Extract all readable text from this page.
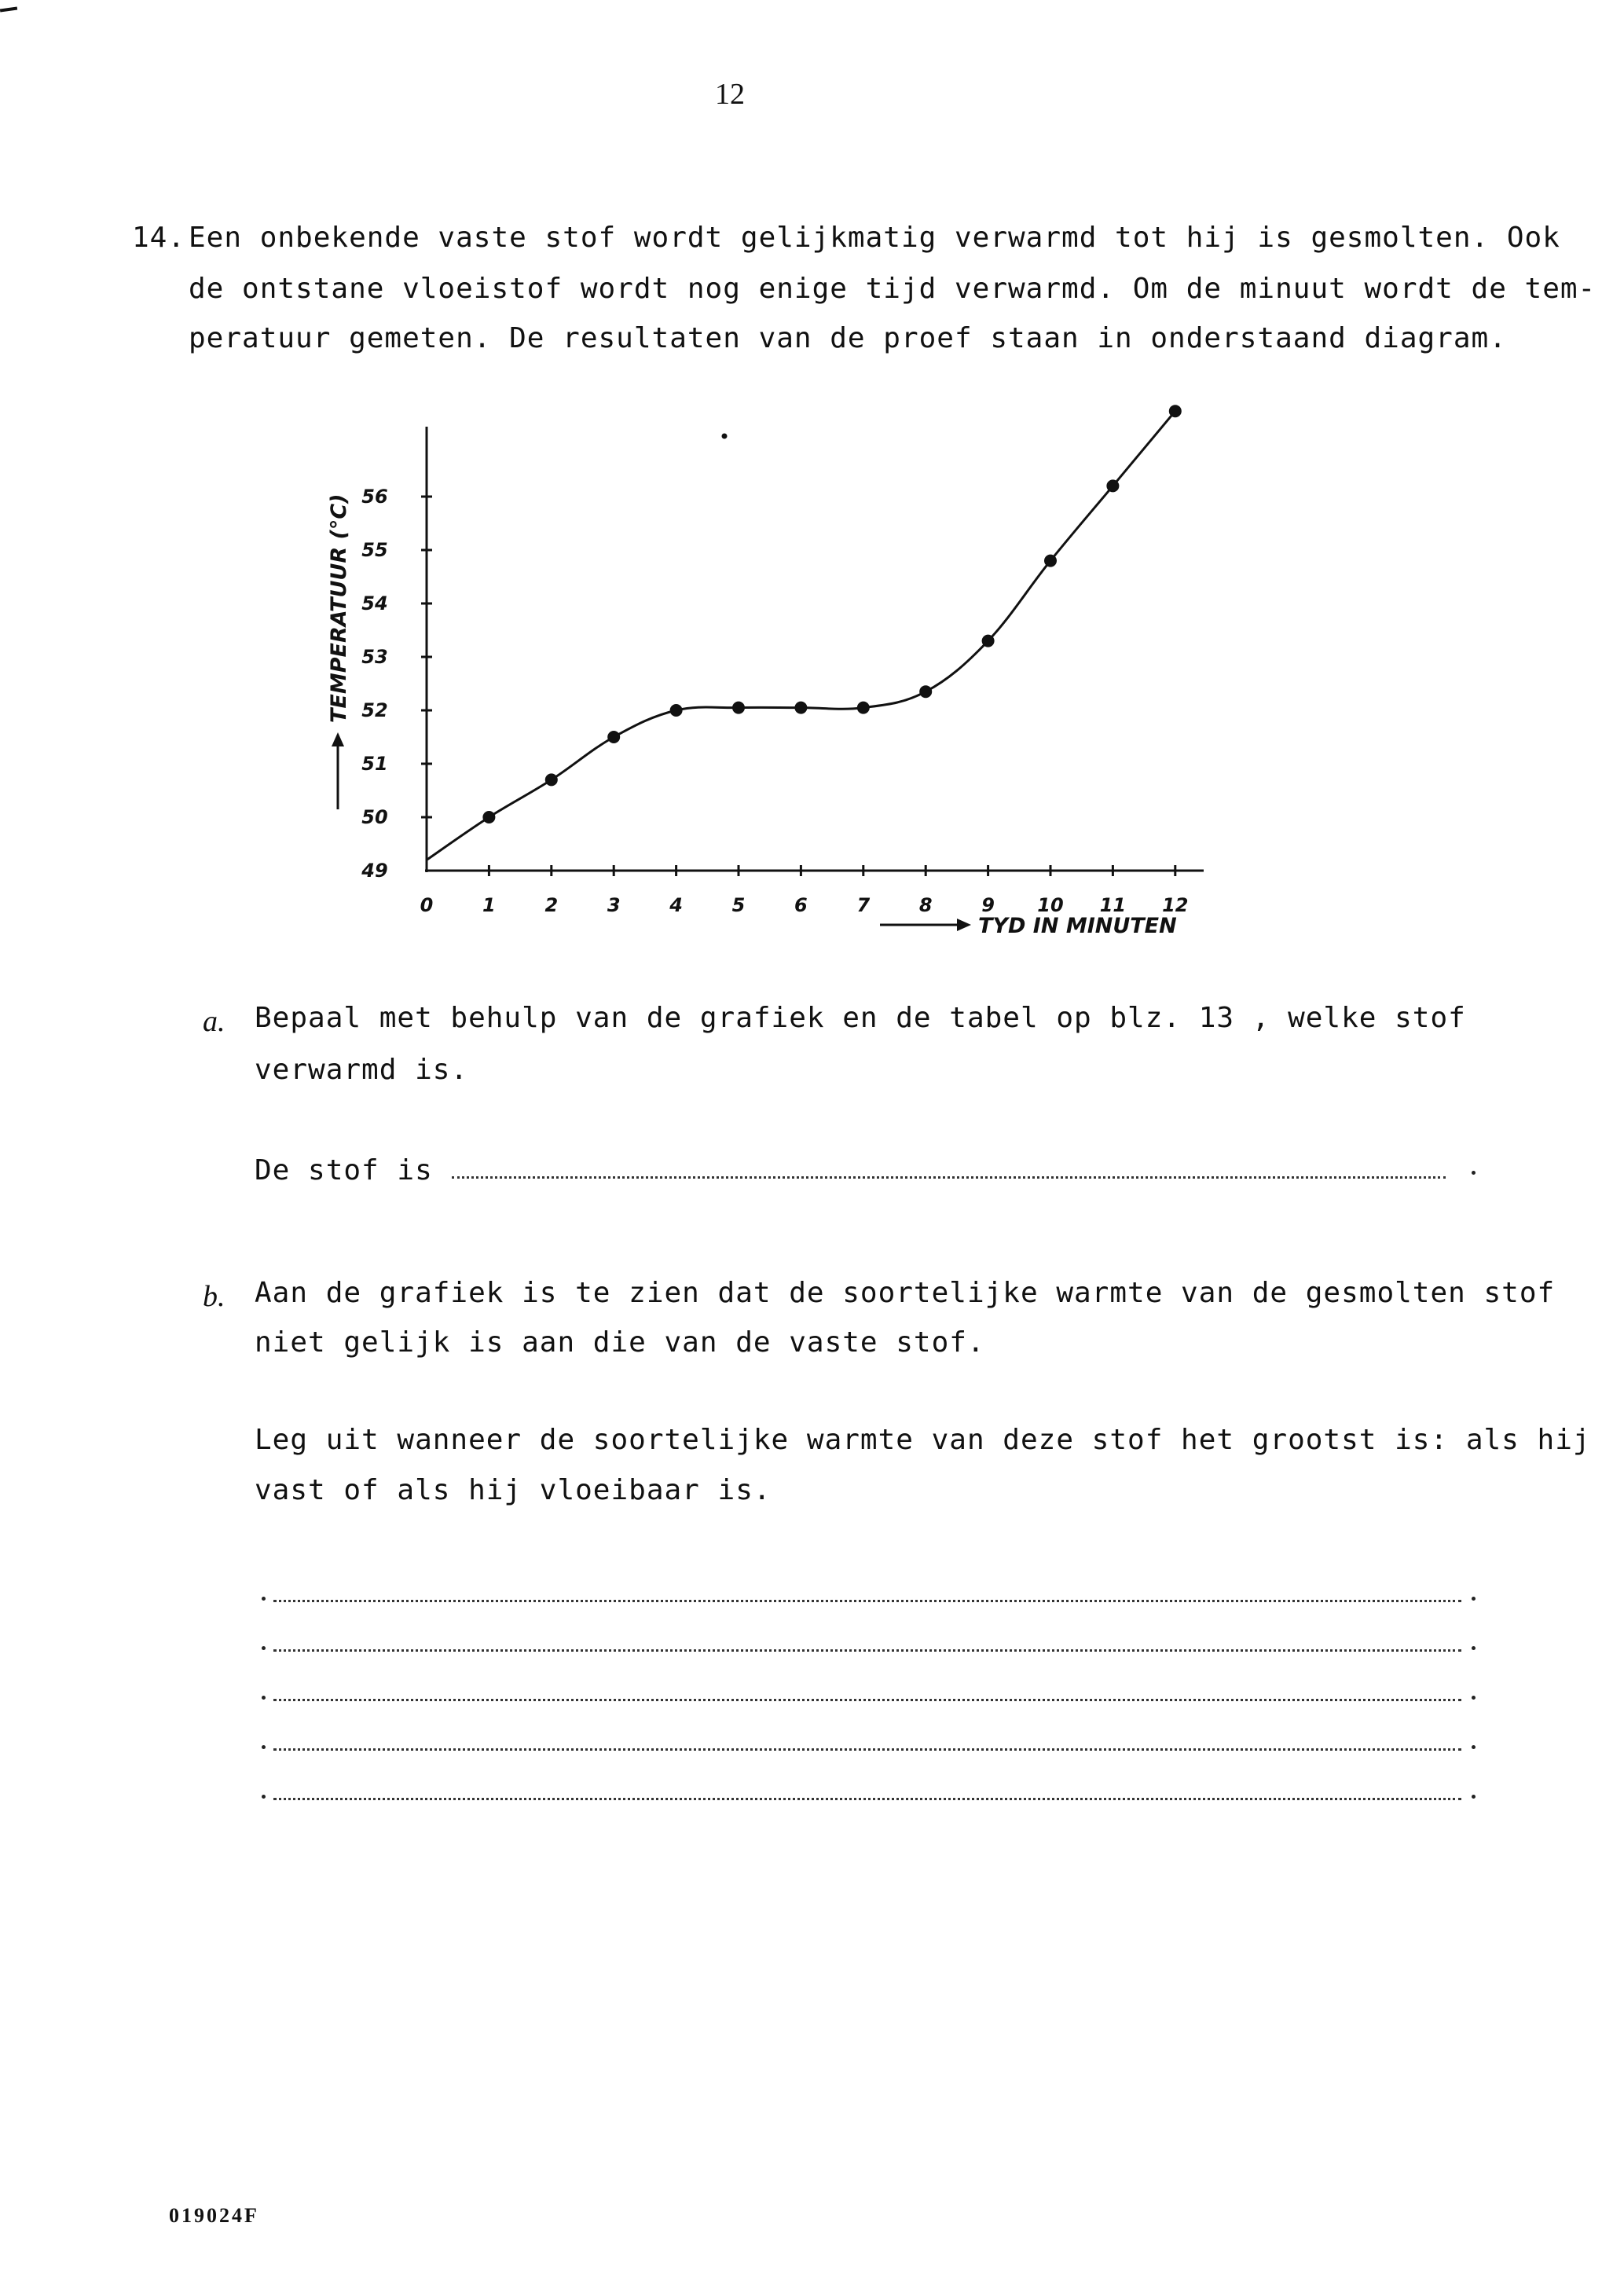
12
14. Een onbekende vaste stof wordt gelijkmatig verwarmd tot hij is gesmolten. Ook
de ontstane vloeistof wordt nog enige tijd verwarmd. Om de minuut wordt de tem-
peratuur gemeten. De resultaten van de proef staan in onderstaand diagram.
0	1	2	3	4	5	6	7	8	9 10 11 12
49
50
51
52
53
54
55
56
TYD IN MINUTEN
TEMPERATUUR (°C)
a. Bepaal met behulp van de grafiek en de tabel op blz. 13 , welke stof
verwarmd is.
De stof is
b. Aan de grafiek is te zien dat de soortelijke warmte van de gesmolten stof
niet gelijk is aan die van de vaste stof.
Leg uit wanneer de soortelijke warmte van deze stof het grootst is: als hij
vast of als hij vloeibaar is.
019024F
